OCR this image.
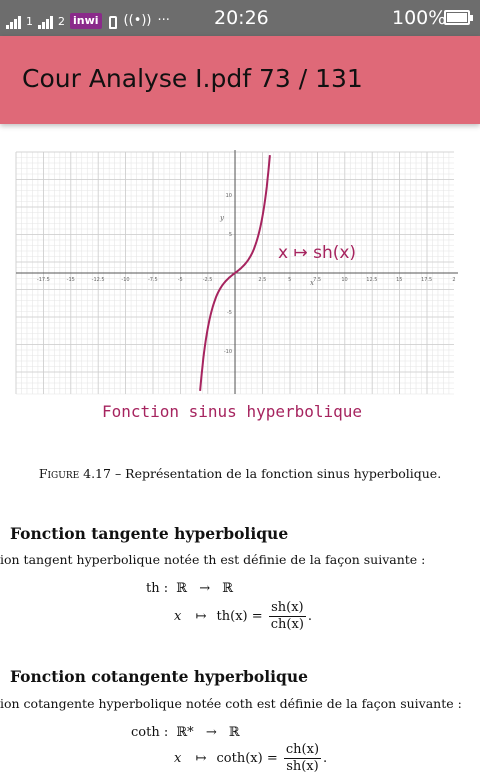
1 2 inwi ((•)) ··· 20:26	100%
Cour Analyse I.pdf 73 / 131
-17.5	-15	-12.5	-10	-7.5	-5	-2.5	2.5	5	7.5	10	12.5	15	17.5	2
10
5
-5
-10
y
x
x ↦ sh(x)
Fonction sinus hyperbolique
Figure 4.17 – Représentation de la fonction sinus hyperbolique.
Fonction tangente hyperbolique
ion tangent hyperbolique notée th est définie de la façon suivante :
th : ℝ → ℝ
x ↦ $th(x) = \frac{sh(x)}{ch(x)}$ .
Fonction cotangente hyperbolique
ion cotangente hyperbolique notée coth est définie de la façon suivante :
coth : ℝ* → ℝ
x ↦ $\cot h(x) = \frac{ch(x)}{sh(x)}$ .
